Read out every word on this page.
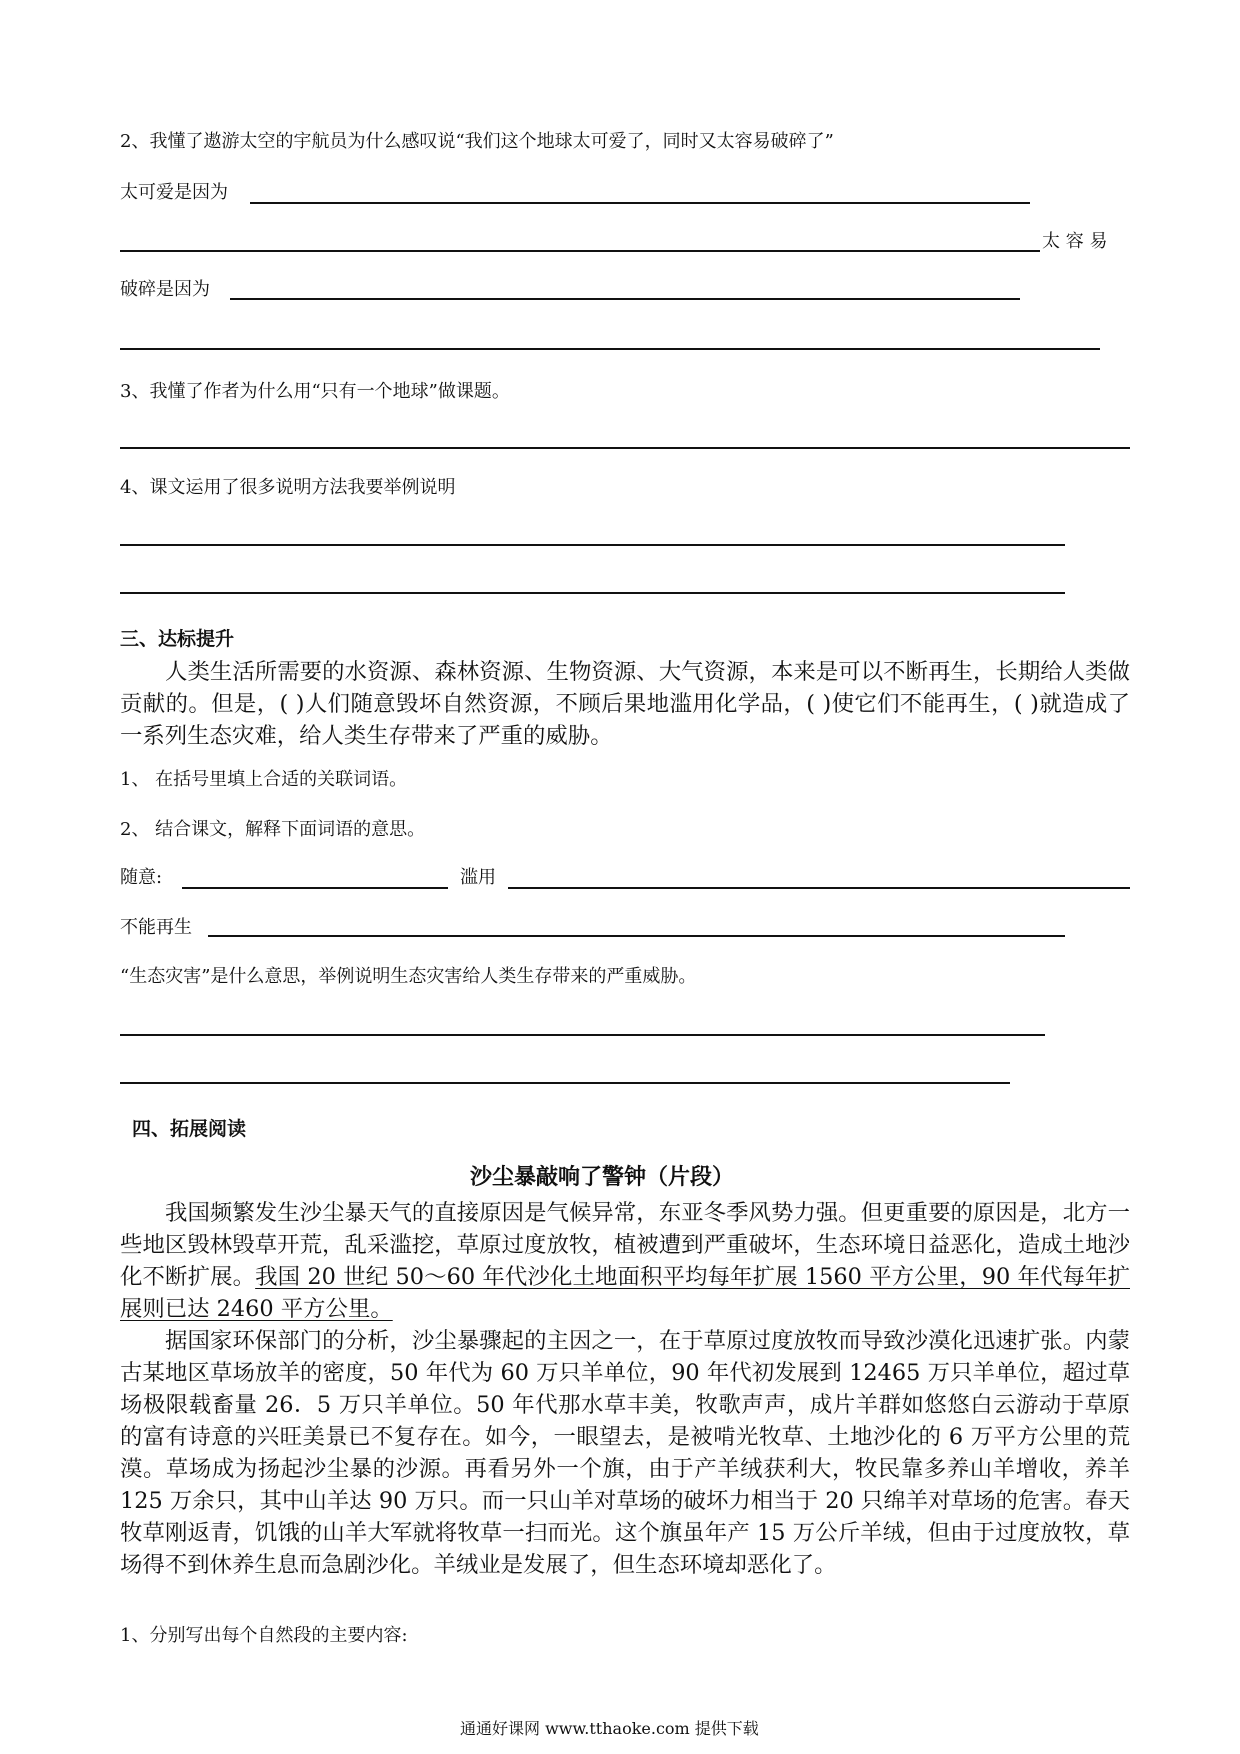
2、我懂了遨游太空的宇航员为什么感叹说“我们这个地球太可爱了，同时又太容易破碎了”
太可爱是因为
太 容 易
破碎是因为
3、我懂了作者为什么用“只有一个地球”做课题。
4、课文运用了很多说明方法我要举例说明
三、达标提升
人类生活所需要的水资源、森林资源、生物资源、大气资源，本来是可以不断再生，长期给人类做贡献的。但是，( )人们随意毁坏自然资源，不顾后果地滥用化学品，( )使它们不能再生，( )就造成了一系列生态灾难，给人类生存带来了严重的威胁。
1、 在括号里填上合适的关联词语。
2、 结合课文，解释下面词语的意思。
随意:	滥用
不能再生
“生态灾害”是什么意思，举例说明生态灾害给人类生存带来的严重威胁。
四、拓展阅读
沙尘暴敲响了警钟（片段）
我国频繁发生沙尘暴天气的直接原因是气候异常，东亚冬季风势力强。但更重要的原因是，北方一些地区毁林毁草开荒，乱采滥挖，草原过度放牧，植被遭到严重破坏，生态环境日益恶化，造成土地沙化不断扩展。我国 20 世纪 50～60 年代沙化土地面积平均每年扩展 1560 平方公里，90 年代每年扩展则已达 2460 平方公里。
据国家环保部门的分析，沙尘暴骤起的主因之一，在于草原过度放牧而导致沙漠化迅速扩张。内蒙古某地区草场放羊的密度，50 年代为 60 万只羊单位，90 年代初发展到 12465 万只羊单位，超过草场极限载畜量 26．5 万只羊单位。50 年代那水草丰美，牧歌声声，成片羊群如悠悠白云游动于草原的富有诗意的兴旺美景已不复存在。如今，一眼望去，是被啃光牧草、土地沙化的 6 万平方公里的荒漠。草场成为扬起沙尘暴的沙源。再看另外一个旗，由于产羊绒获利大，牧民靠多养山羊增收，养羊 125 万余只，其中山羊达 90 万只。而一只山羊对草场的破坏力相当于 20 只绵羊对草场的危害。春天牧草刚返青，饥饿的山羊大军就将牧草一扫而光。这个旗虽年产 15 万公斤羊绒，但由于过度放牧，草场得不到休养生息而急剧沙化。羊绒业是发展了，但生态环境却恶化了。
1、分别写出每个自然段的主要内容:
通通好课网 www.tthaoke.com 提供下载
